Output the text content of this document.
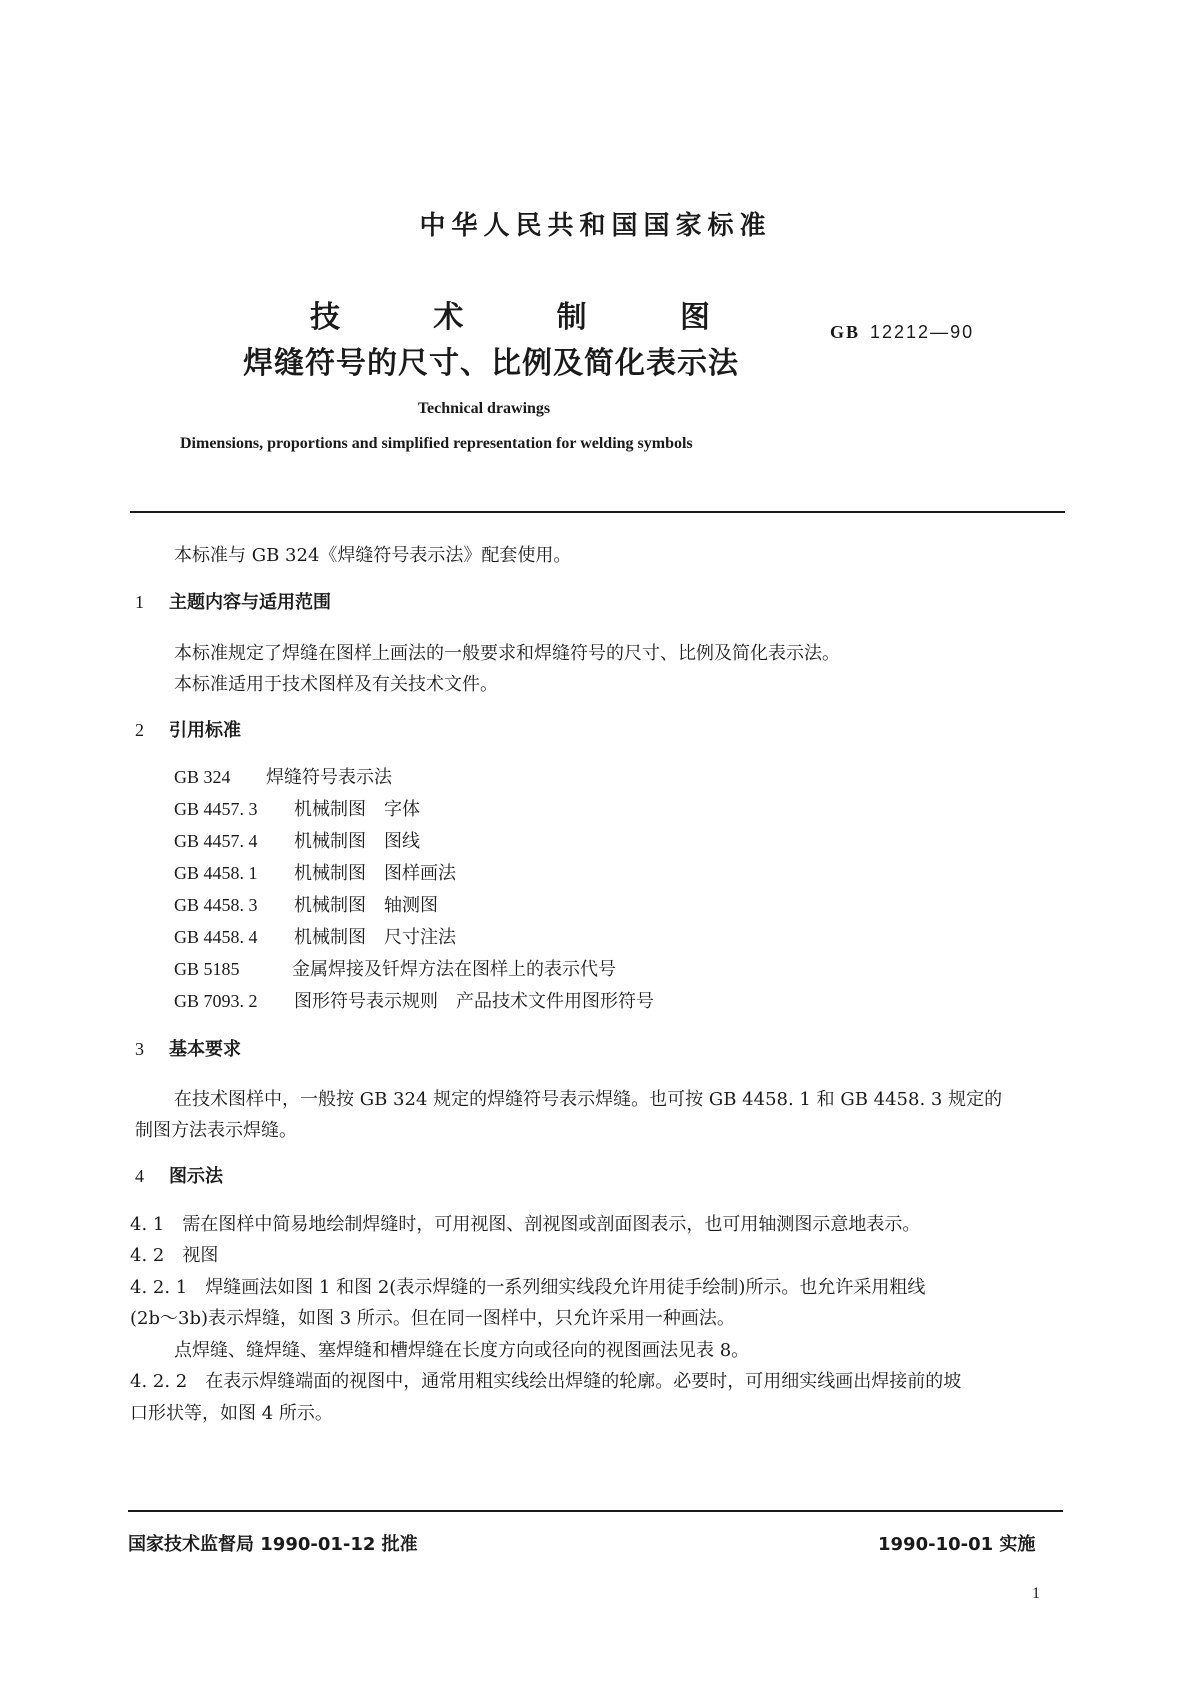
中华人民共和国国家标准
技	术	制	图
焊缝符号的尺寸、比例及简化表示法
GB 12212—90
Technical drawings
Dimensions, proportions and simplified representation for welding symbols
本标准与 GB 324《焊缝符号表示法》配套使用。
1 主题内容与适用范围
本标准规定了焊缝在图样上画法的一般要求和焊缝符号的尺寸、比例及简化表示法。
本标准适用于技术图样及有关技术文件。
2 引用标准
GB 324 焊缝符号表示法
GB 4457. 3 机械制图　字体
GB 4457. 4 机械制图　图线
GB 4458. 1 机械制图　图样画法
GB 4458. 3 机械制图　轴测图
GB 4458. 4 机械制图　尺寸注法
GB 5185	金属焊接及钎焊方法在图样上的表示代号
GB 7093. 2 图形符号表示规则　产品技术文件用图形符号
3 基本要求
在技术图样中，一般按 GB 324 规定的焊缝符号表示焊缝。也可按 GB 4458. 1 和 GB 4458. 3 规定的
制图方法表示焊缝。
4 图示法
4. 1　需在图样中简易地绘制焊缝时，可用视图、剖视图或剖面图表示，也可用轴测图示意地表示。
4. 2　视图
4. 2. 1　焊缝画法如图 1 和图 2(表示焊缝的一系列细实线段允许用徒手绘制)所示。也允许采用粗线
(2b～3b)表示焊缝，如图 3 所示。但在同一图样中，只允许采用一种画法。
点焊缝、缝焊缝、塞焊缝和槽焊缝在长度方向或径向的视图画法见表 8。
4. 2. 2　在表示焊缝端面的视图中，通常用粗实线绘出焊缝的轮廓。必要时，可用细实线画出焊接前的坡
口形状等，如图 4 所示。
国家技术监督局 1990-01-12 批准	1990-10-01 实施
1
